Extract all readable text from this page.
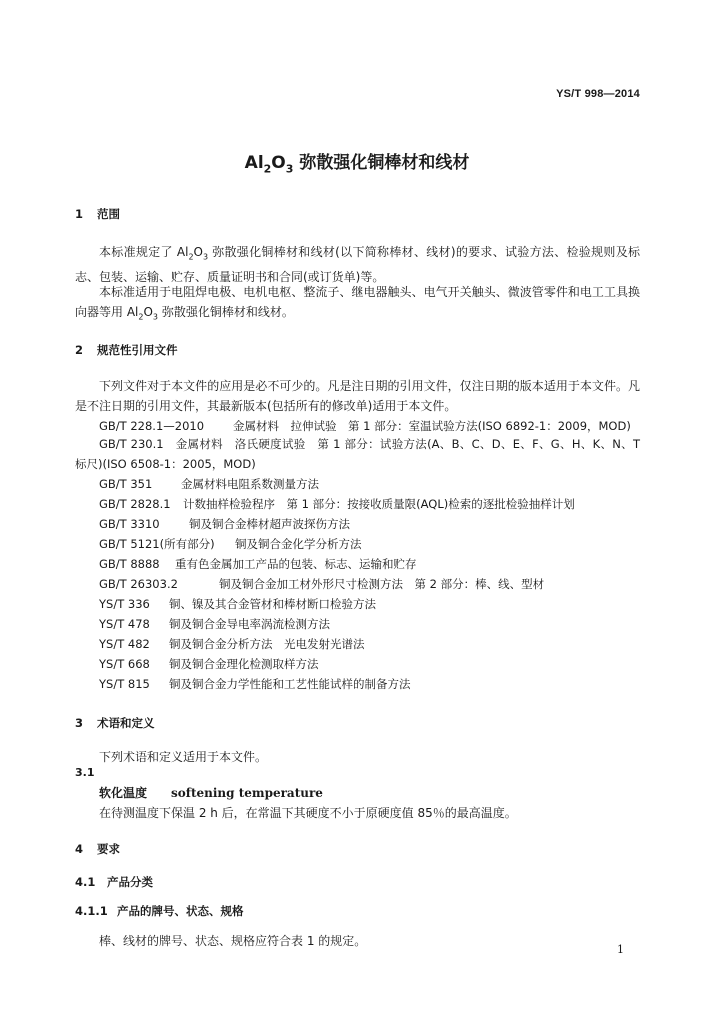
YS/T 998—2014
$Al_2O_3$ 弥散强化铜棒材和线材
1 范围
本标准规定了 $Al_2O_3$ 弥散强化铜棒材和线材(以下简称棒材、线材)的要求、试验方法、检验规则及标志、包装、运输、贮存、质量证明书和合同(或订货单)等。
本标准适用于电阻焊电极、电机电枢、整流子、继电器触头、电气开关触头、微波管零件和电工工具换向器等用 $Al_2O_3$ 弥散强化铜棒材和线材。
2 规范性引用文件
下列文件对于本文件的应用是必不可少的。凡是注日期的引用文件，仅注日期的版本适用于本文件。凡是不注日期的引用文件，其最新版本(包括所有的修改单)适用于本文件。
GB/T 228.1—2010	金属材料　拉伸试验　第 1 部分：室温试验方法(ISO 6892-1：2009，MOD)
GB/T 230.1　 金属材料　洛氏硬度试验　第 1 部分：试验方法(A、B、C、D、E、F、G、H、K、N、T 标尺)(ISO 6508-1：2005，MOD)
GB/T 351 金属材料电阻系数测量方法
GB/T 2828.1 计数抽样检验程序　第 1 部分：按接收质量限(AQL)检索的逐批检验抽样计划
GB/T 3310	铜及铜合金棒材超声波探伤方法
GB/T 5121(所有部分) 铜及铜合金化学分析方法
GB/T 8888 重有色金属加工产品的包装、标志、运输和贮存
GB/T 26303.2	铜及铜合金加工材外形尺寸检测方法　第 2 部分：棒、线、型材
YS/T 336 铜、镍及其合金管材和棒材断口检验方法
YS/T 478 铜及铜合金导电率涡流检测方法
YS/T 482 铜及铜合金分析方法　光电发射光谱法
YS/T 668 铜及铜合金理化检测取样方法
YS/T 815 铜及铜合金力学性能和工艺性能试样的制备方法
3 术语和定义
下列术语和定义适用于本文件。
3.1
软化温度　　 softening temperature
在待测温度下保温 2 h 后，在常温下其硬度不小于原硬度值 85％的最高温度。
4 要求
4.1 产品分类
4.1.1 产品的牌号、状态、规格
棒、线材的牌号、状态、规格应符合表 1 的规定。
1
